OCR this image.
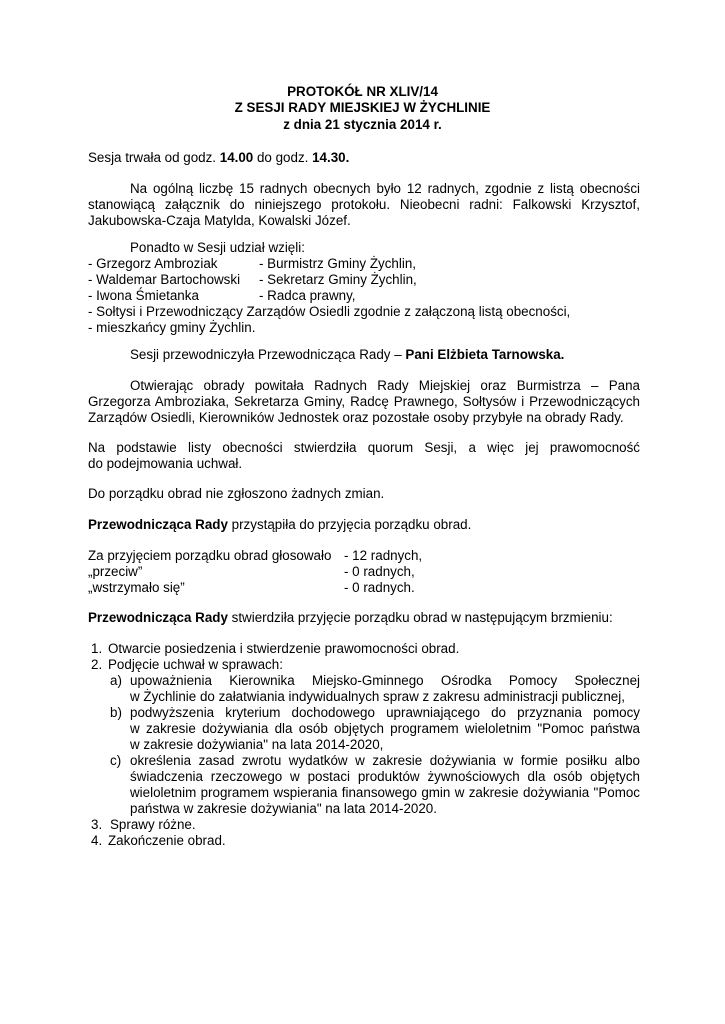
PROTOKÓŁ NR XLIV/14
Z SESJI RADY MIEJSKIEJ W ŻYCHLINIE
z dnia 21 stycznia 2014 r.
Sesja trwała od godz. 14.00 do godz. 14.30.
Na ogólną liczbę 15 radnych obecnych było 12 radnych, zgodnie z listą obecności
stanowiącą załącznik do niniejszego protokołu. Nieobecni radni: Falkowski Krzysztof,
Jakubowska-Czaja Matylda, Kowalski Józef.
Ponadto w Sesji udział wzięli:
- Grzegorz Ambroziak	- Burmistrz Gminy Żychlin,
- Waldemar Bartochowski - Sekretarz Gminy Żychlin,
- Iwona Śmietanka	- Radca prawny,
- Sołtysi i Przewodniczący Zarządów Osiedli zgodnie z załączoną listą obecności,
- mieszkańcy gminy Żychlin.
Sesji przewodniczyła Przewodnicząca Rady – Pani Elżbieta Tarnowska.
Otwierając obrady powitała Radnych Rady Miejskiej oraz Burmistrza – Pana
Grzegorza Ambroziaka, Sekretarza Gminy, Radcę Prawnego, Sołtysów i Przewodniczących
Zarządów Osiedli, Kierowników Jednostek oraz pozostałe osoby przybyłe na obrady Rady.
Na podstawie listy obecności stwierdziła quorum Sesji, a więc jej prawomocność
do podejmowania uchwał.
Do porządku obrad nie zgłoszono żadnych zmian.
Przewodnicząca Rady przystąpiła do przyjęcia porządku obrad.
Za przyjęciem porządku obrad głosowało - 12 radnych,
„przeciw”	- 0 radnych,
„wstrzymało się”	- 0 radnych.
Przewodnicząca Rady stwierdziła przyjęcie porządku obrad w następującym brzmieniu:
1. Otwarcie posiedzenia i stwierdzenie prawomocności obrad.
2. Podjęcie uchwał w sprawach:
a) upoważnienia Kierownika Miejsko-Gminnego Ośrodka Pomocy Społecznej
w Żychlinie do załatwiania indywidualnych spraw z zakresu administracji publicznej,
b) podwyższenia kryterium dochodowego uprawniającego do przyznania pomocy
w zakresie dożywiania dla osób objętych programem wieloletnim "Pomoc państwa
w zakresie dożywiania" na lata 2014-2020,
c) określenia zasad zwrotu wydatków w zakresie dożywiania w formie posiłku albo
świadczenia rzeczowego w postaci produktów żywnościowych dla osób objętych
wieloletnim programem wspierania finansowego gmin w zakresie dożywiania "Pomoc
państwa w zakresie dożywiania" na lata 2014-2020.
3. Sprawy różne.
4. Zakończenie obrad.
